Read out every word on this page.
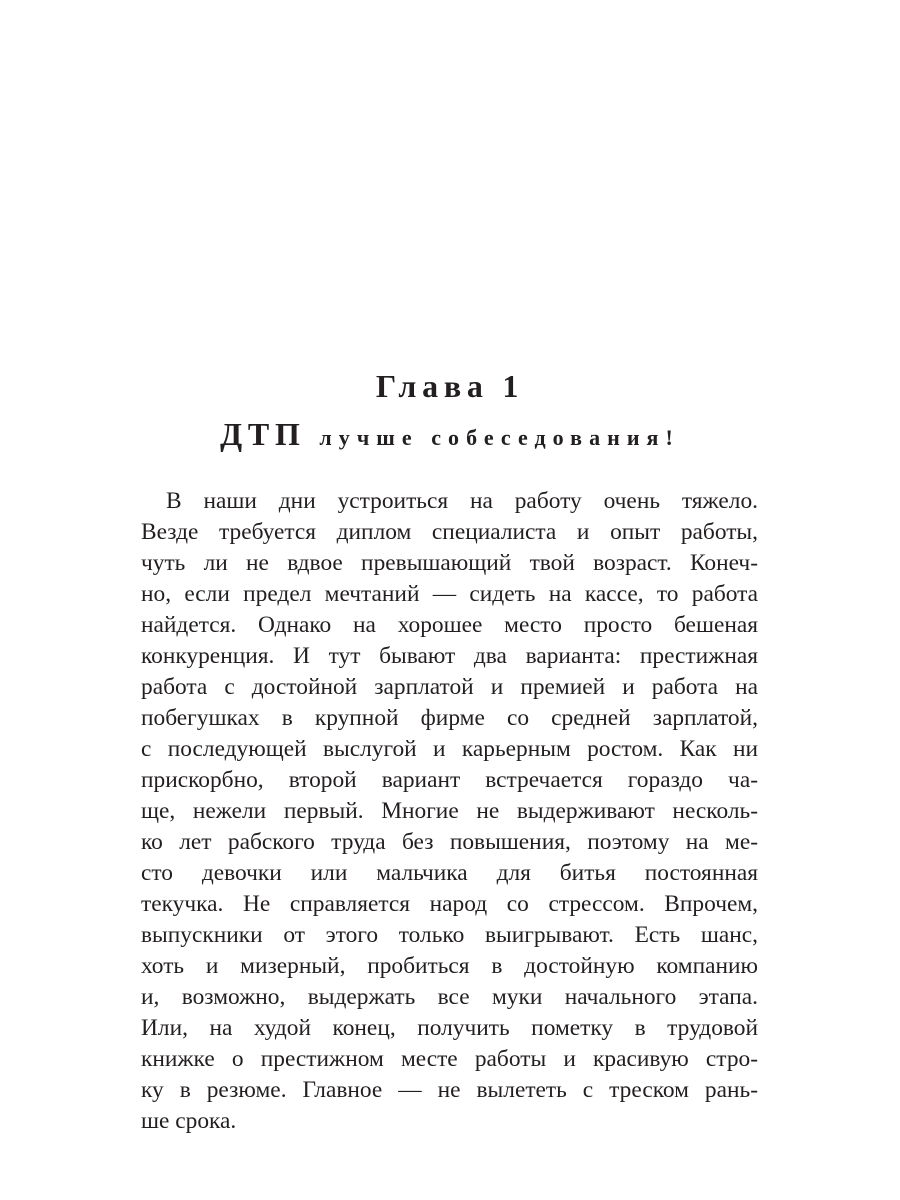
Глава 1
ДТП лучше собеседования!
В наши дни устроиться на работу очень тяжело.
Везде требуется диплом специалиста и опыт работы,
чуть ли не вдвое превышающий твой возраст. Конеч-
но, если предел мечтаний — сидеть на кассе, то работа
найдется. Однако на хорошее место просто бешеная
конкуренция. И тут бывают два варианта: престижная
работа с достойной зарплатой и премией и работа на
побегушках в крупной фирме со средней зарплатой,
с последующей выслугой и карьерным ростом. Как ни
прискорбно, второй вариант встречается гораздо ча-
ще, нежели первый. Многие не выдерживают несколь-
ко лет рабского труда без повышения, поэтому на ме-
сто девочки или мальчика для битья постоянная
текучка. Не справляется народ со стрессом. Впрочем,
выпускники от этого только выигрывают. Есть шанс,
хоть и мизерный, пробиться в достойную компанию
и, возможно, выдержать все муки начального этапа.
Или, на худой конец, получить пометку в трудовой
книжке о престижном месте работы и красивую стро-
ку в резюме. Главное — не вылететь с треском рань-
ше срока.
